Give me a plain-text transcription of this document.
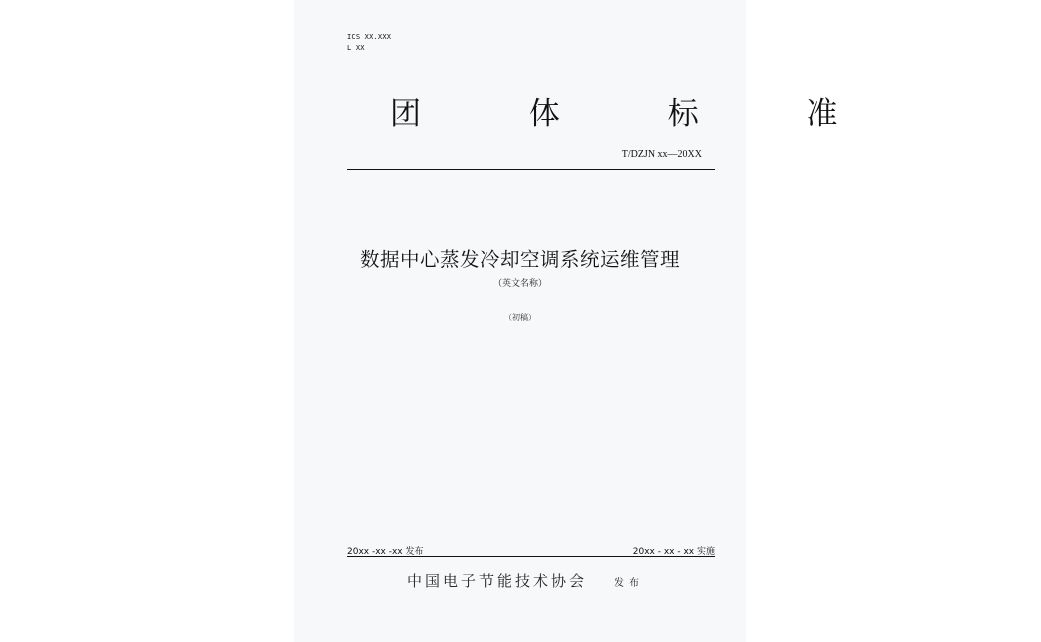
ICS XX.XXX
L XX
团 体 标 准
T/DZJN xx—20XX
数据中心蒸发冷却空调系统运维管理
（英文名称）
（初稿）
20xx -xx -xx 发布	20xx - xx - xx 实施
中国电子节能技术协会	发布
